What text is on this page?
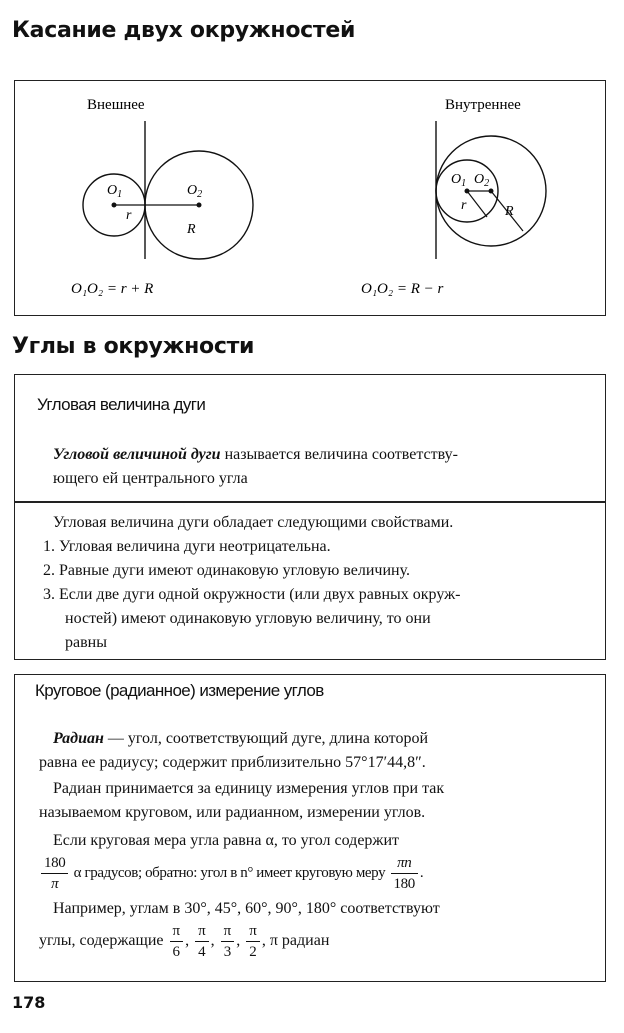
Касание двух окружностей
Внешнее
$O_1$	$O_2$
r
R
O₁O₂ = r + R
Внутреннее
$O_1$ $O_2$
r	R
O₁O₂ = R − r
Углы в окружности
Угловая величина дуги
Угловой величиной дуги называется величина соответству-
ющего ей центрального угла
Угловая величина дуги обладает следующими свойствами.
1. Угловая величина дуги неотрицательна.
2. Равные дуги имеют одинаковую угловую величину.
3. Если две дуги одной окружности (или двух равных окруж-
ностей) имеют одинаковую угловую величину, то они
равны
Круговое (радианное) измерение углов
Радиан — угол, соответствующий дуге, длина которой
равна ее радиусу; содержит приблизительно 57°17′44,8″.
Радиан принимается за единицу измерения углов при так
называемом круговом, или радианном, измерении углов.
Если круговая мера угла равна α, то угол содержит
$\frac{180}{\pi}$ α градусов; обратно: угол в n° имеет круговую меру $\frac{\pi n}{180}$ .
Например, углам в 30°, 45°, 60°, 90°, 180° соответствуют
углы, содержащие $\frac{\pi}{6}$ , $\frac{\pi}{4}$ , $\frac{\pi}{3}$ , $\frac{\pi}{2}$ , π радиан
178
